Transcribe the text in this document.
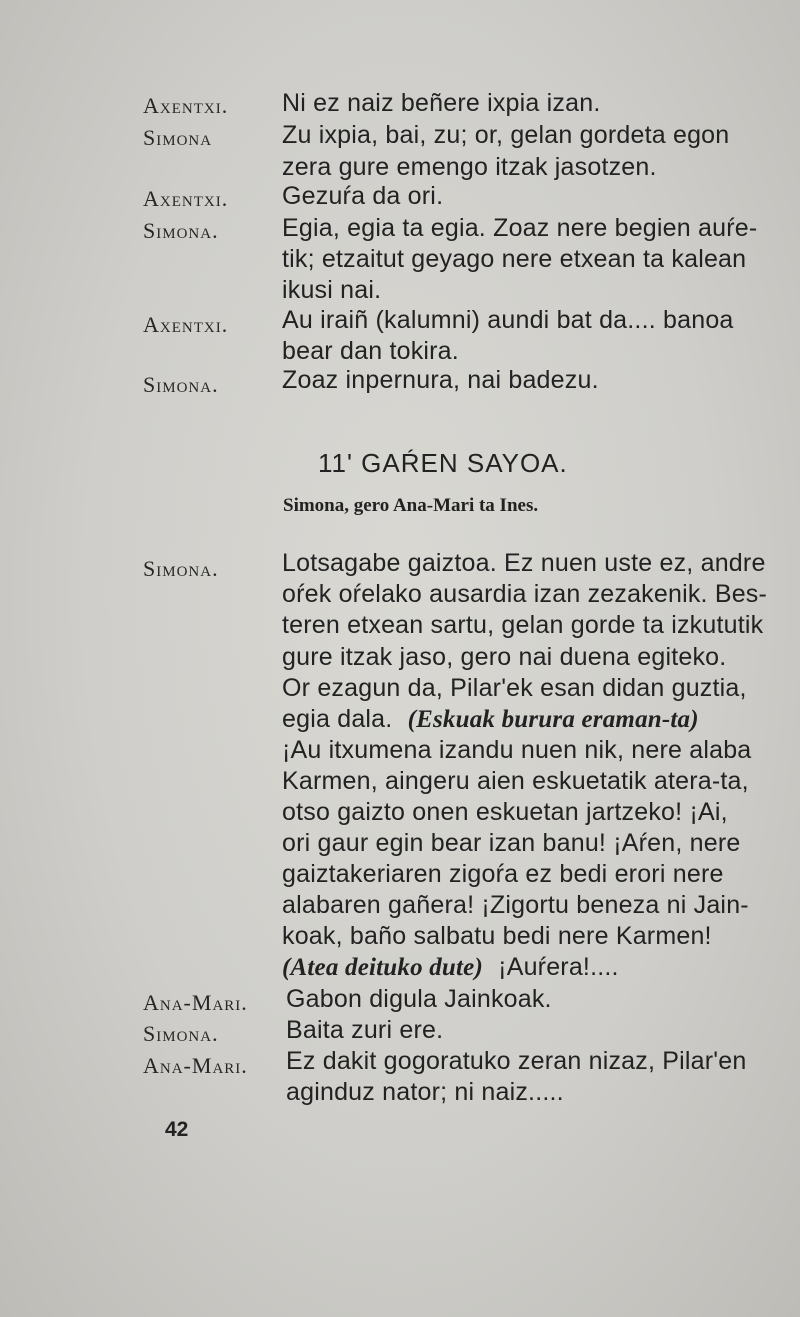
Axentxi. Ni ez naiz beñere ixpia izan.
Simona	Zu ixpia, bai, zu; or, gelan gordeta egon
zera gure emengo itzak jasotzen.
Axentxi. Gezuŕa da ori.
Simona.	Egia, egia ta egia. Zoaz nere begien auŕe-
tik; etzaitut geyago nere etxean ta kalean
ikusi nai.
Axentxi. Au iraiñ (kalumni) aundi bat da.... banoa
bear dan tokira.
Simona.	Zoaz inpernura, nai badezu.
11' GAŔEN SAYOA.
Simona, gero Ana-Mari ta Ines.
Simona.	Lotsagabe gaiztoa. Ez nuen uste ez, andre
oŕek oŕelako ausardia izan zezakenik. Bes-
teren etxean sartu, gelan gorde ta izkututik
gure itzak jaso, gero nai duena egiteko.
Or ezagun da, Pilar'ek esan didan guztia,
egia dala. (Eskuak burura eraman-ta)
¡Au itxumena izandu nuen nik, nere alaba
Karmen, aingeru aien eskuetatik atera-ta,
otso gaizto onen eskuetan jartzeko! ¡Ai,
ori gaur egin bear izan banu! ¡Aŕen, nere
gaiztakeriaren zigoŕa ez bedi erori nere
alabaren gañera! ¡Zigortu beneza ni Jain-
koak, baño salbatu bedi nere Karmen!
(Atea deituko dute) ¡Auŕera!....
Ana-Mari. Gabon digula Jainkoak.
Simona.	Baita zuri ere.
Ana-Mari. Ez dakit gogoratuko zeran nizaz, Pilar'en
aginduz nator; ni naiz.....
42
